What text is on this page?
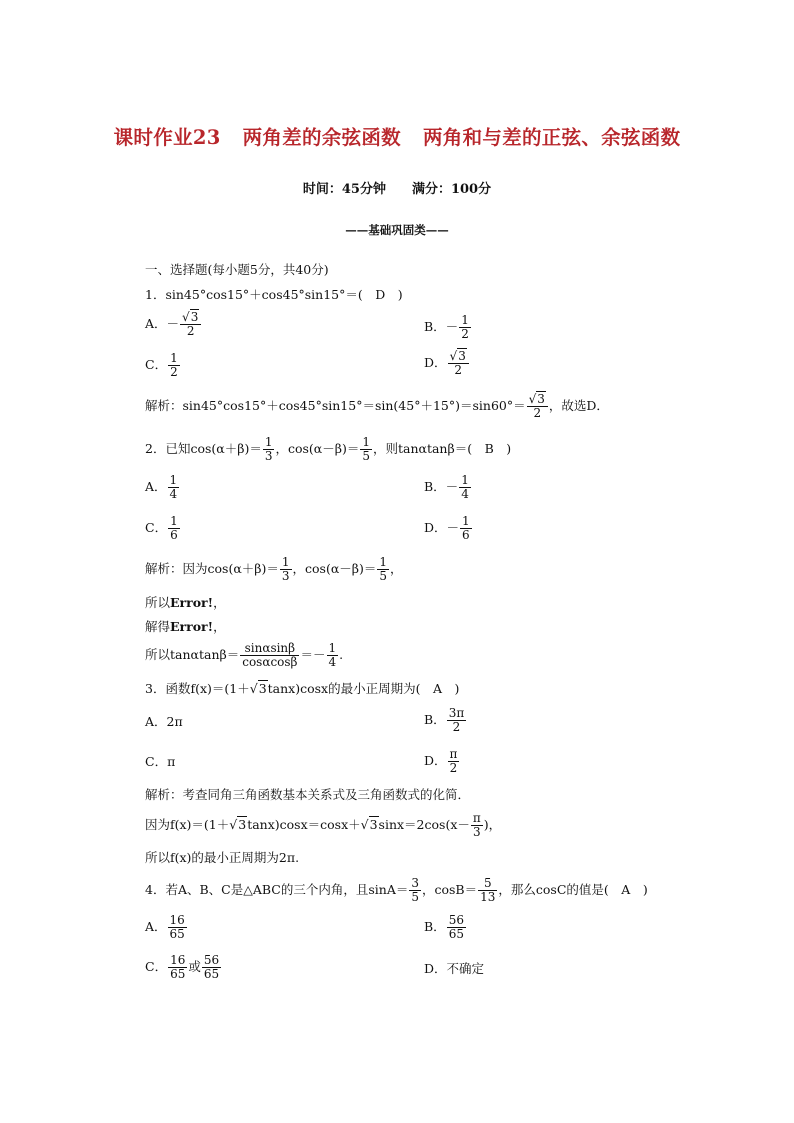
课时作业23 两角差的余弦函数 两角和与差的正弦、余弦函数
时间：45分钟 满分：100分
——基础巩固类——
一、选择题(每小题5分，共40分)
1．sin45°cos15°＋cos45°sin15°＝(　D　)
A．－ $\frac{√3}{2}$	B．－ $\frac{1}{2}$
C． $\frac{1}{2}$	D． $\frac{√3}{2}$
解析：$\sin 45^\circ\cos 15^\circ+\cos 45^\circ\sin 15^\circ=\sin(45^\circ+15^\circ)=\sin 60^\circ= \frac{√3}{2}$ ，故选D．
2．已知$\cos(\alpha+\beta)= \frac{1}{3}$ ，$\cos(\alpha-\beta)= \frac{1}{5}$ ，则tanαtanβ＝(　B　)
A． $\frac{1}{4}$	B．－ $\frac{1}{4}$
C． $\frac{1}{6}$	D．－ $\frac{1}{6}$
解析：因为$\cos(\alpha+\beta)= \frac{1}{3}$ ，$\cos(\alpha-\beta)= \frac{1}{5}$ ，
所以Error!，
解得Error!，
所以$\tan\alpha\tan\beta= \frac{\sin\alpha\sin\beta}{\cos\alpha\cos\beta} =- \frac{1}{4}$ .
3．函数f(x)＝(1＋√3tanx)cosx的最小正周期为(　A　)
A．2π	B． $\frac{3\pi}{2}$
C．π	D． $\frac{\pi}{2}$
解析：考查同角三角函数基本关系式及三角函数式的化简．
因为$f(x)=(1+√3\tan x)\cos x=\cos x+√3\sin x=2\cos(x- \frac{\pi}{3}$ )，
所以f(x)的最小正周期为2π.
4．若A、B、C是△ABC的三个内角，且$\sin A= \frac{3}{5}$ ，$\cos B= \frac{5}{13}$ ，那么cosC的值是(　A　)
A． $\frac{16}{65}$	B． $\frac{56}{65}$
C． $\frac{16}{65}$ 或 $\frac{56}{65}$	D．不确定
